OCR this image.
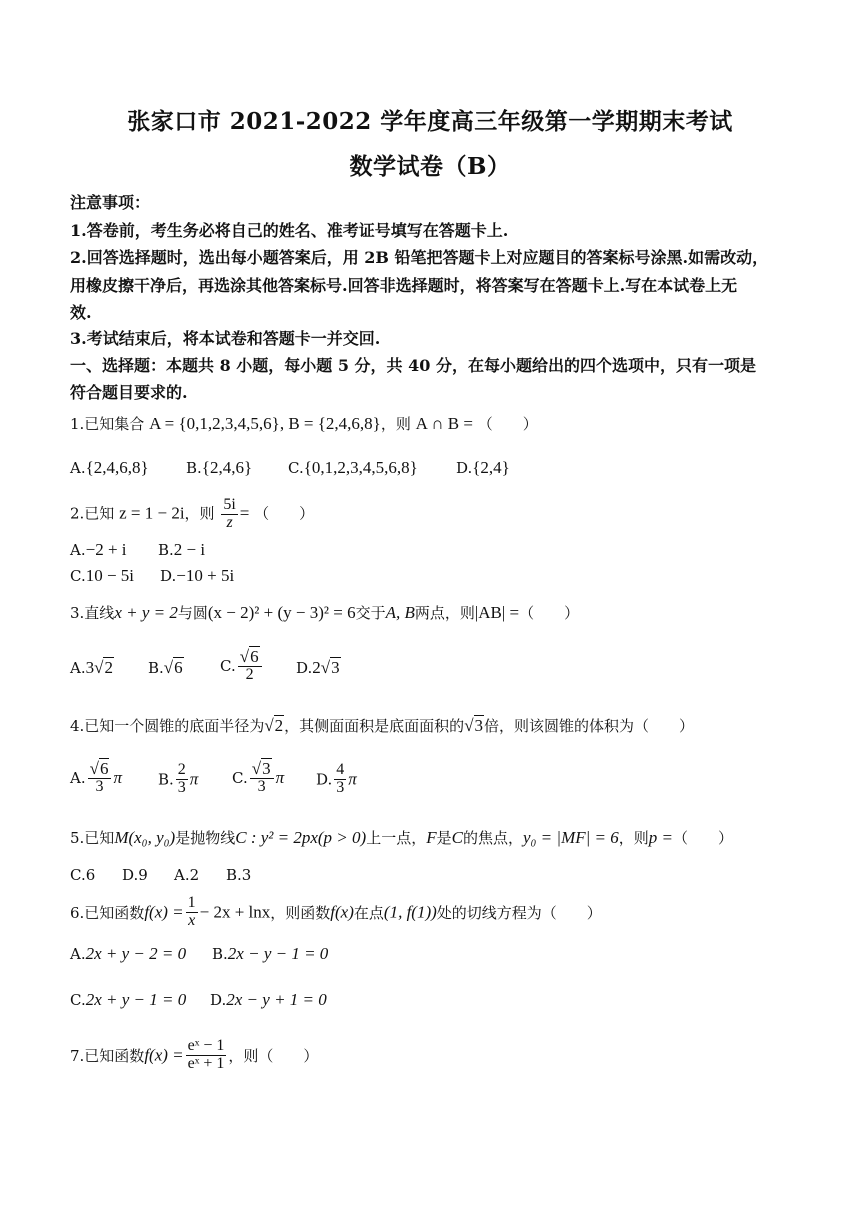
张家口市 2021-2022 学年度高三年级第一学期期末考试
数学试卷（B）
注意事项：
1.答卷前，考生务必将自己的姓名、准考证号填写在答题卡上.
2.回答选择题时，选出每小题答案后，用 2B 铅笔把答题卡上对应题目的答案标号涂黑.如需改动，
用橡皮擦干净后，再选涂其他答案标号.回答非选择题时，将答案写在答题卡上.写在本试卷上无
效.
3.考试结束后，将本试卷和答题卡一并交回.
一、选择题：本题共 8 小题，每小题 5 分，共 40 分，在每小题给出的四个选项中，只有一项是
符合题目要求的.
1.已知集合 A = {0,1,2,3,4,5,6}, B = {2,4,6,8}，则 A ∩ B = （　　）
A.{2,4,6,8} B.{2,4,6} C.{0,1,2,3,4,5,6,8}	D.{2,4}
2.已知 z = 1 − 2i，则 $\frac{5i}{z}$ = （　　）
A.−2 + i B.2 − i
C.10 − 5i D.−10 + 5i
3.直线x + y = 2与圆(x − 2)² + (y − 3)² = 6交于A, B两点，则|AB| =（　　）
A.3√2 B.√6 C. $\frac{√6}{2} D.2√3$
4.已知一个圆锥的底面半径为√2，其侧面面积是底面面积的√3倍，则该圆锥的体积为（　　）
A. $\frac{√6}{3}$ π B. $\frac{2}{3}$ π C. $\frac{√3}{3}$ π D. $\frac{4}{3}$ π
5.已知M(x₀, y₀)是抛物线C : y² = 2px(p > 0)上一点，F是C的焦点，y₀ = |MF| = 6，则p =（　　）
C.6 D.9 A.2 B.3
6.已知函数$f(x) = \frac{1}{x} - 2x + \ln x$，则函数f(x)在点(1, f(1))处的切线方程为（　　）
A.2x + y − 2 = 0 B.2x − y − 1 = 0
C.2x + y − 1 = 0 D.2x − y + 1 = 0
7.已知函数$f(x) = \frac{\text{eˣ − 1}}{\text{eˣ + 1}}$ ，则（　　）
